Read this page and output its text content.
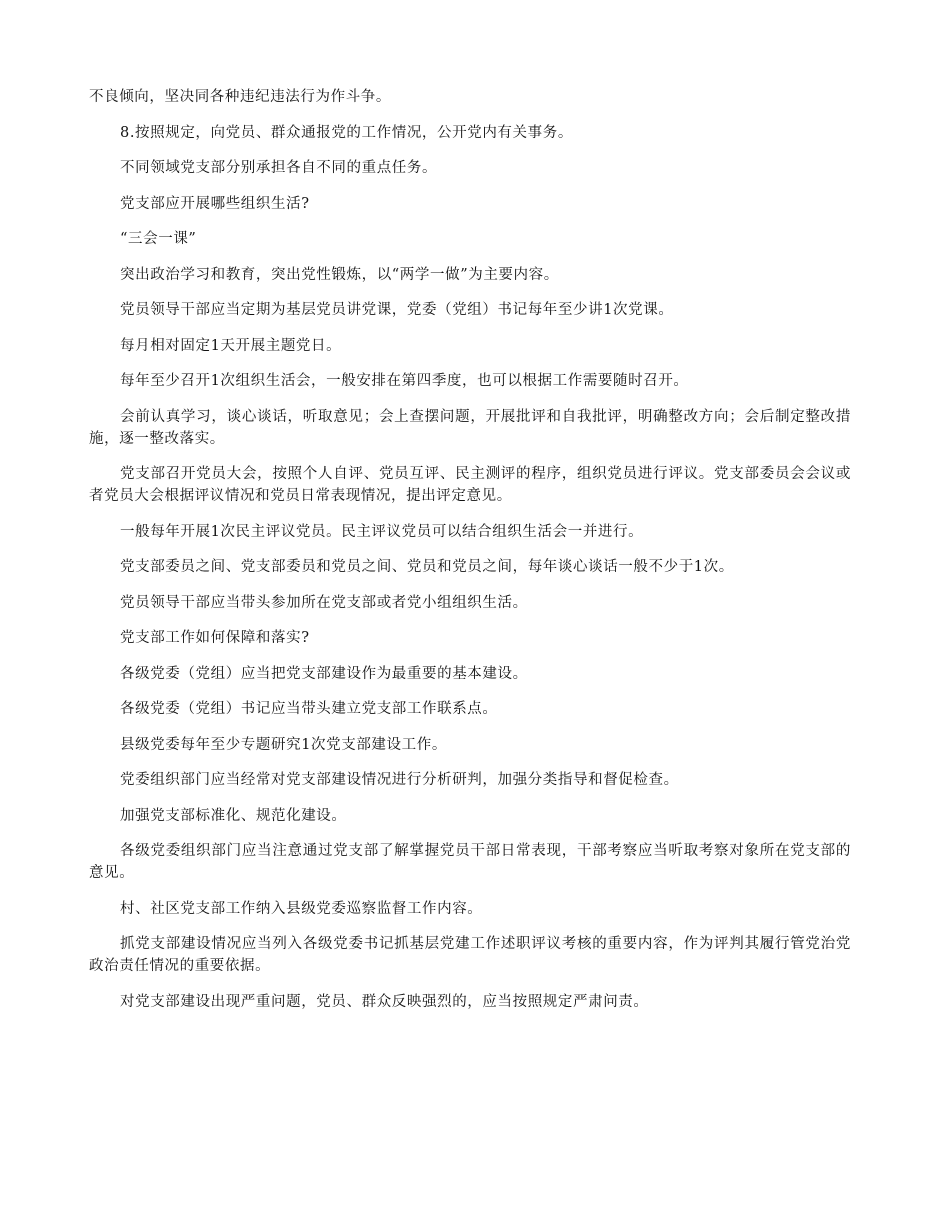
不良倾向，坚决同各种违纪违法行为作斗争。

8.按照规定，向党员、群众通报党的工作情况，公开党内有关事务。

不同领域党支部分别承担各自不同的重点任务。

党支部应开展哪些组织生活?

“三会一课”

突出政治学习和教育，突出党性锻炼，以“两学一做”为主要内容。

党员领导干部应当定期为基层党员讲党课，党委（党组）书记每年至少讲1次党课。

每月相对固定1天开展主题党日。

每年至少召开1次组织生活会，一般安排在第四季度，也可以根据工作需要随时召开。

会前认真学习，谈心谈话，听取意见；会上查摆问题，开展批评和自我批评，明确整改方向；会后制定整改措施，逐一整改落实。

党支部召开党员大会，按照个人自评、党员互评、民主测评的程序，组织党员进行评议。党支部委员会会议或者党员大会根据评议情况和党员日常表现情况，提出评定意见。

一般每年开展1次民主评议党员。民主评议党员可以结合组织生活会一并进行。

党支部委员之间、党支部委员和党员之间、党员和党员之间，每年谈心谈话一般不少于1次。

党员领导干部应当带头参加所在党支部或者党小组组织生活。

党支部工作如何保障和落实?

各级党委（党组）应当把党支部建设作为最重要的基本建设。

各级党委（党组）书记应当带头建立党支部工作联系点。

县级党委每年至少专题研究1次党支部建设工作。

党委组织部门应当经常对党支部建设情况进行分析研判，加强分类指导和督促检查。

加强党支部标准化、规范化建设。

各级党委组织部门应当注意通过党支部了解掌握党员干部日常表现，干部考察应当听取考察对象所在党支部的意见。

村、社区党支部工作纳入县级党委巡察监督工作内容。

抓党支部建设情况应当列入各级党委书记抓基层党建工作述职评议考核的重要内容，作为评判其履行管党治党政治责任情况的重要依据。

对党支部建设出现严重问题，党员、群众反映强烈的，应当按照规定严肃问责。
